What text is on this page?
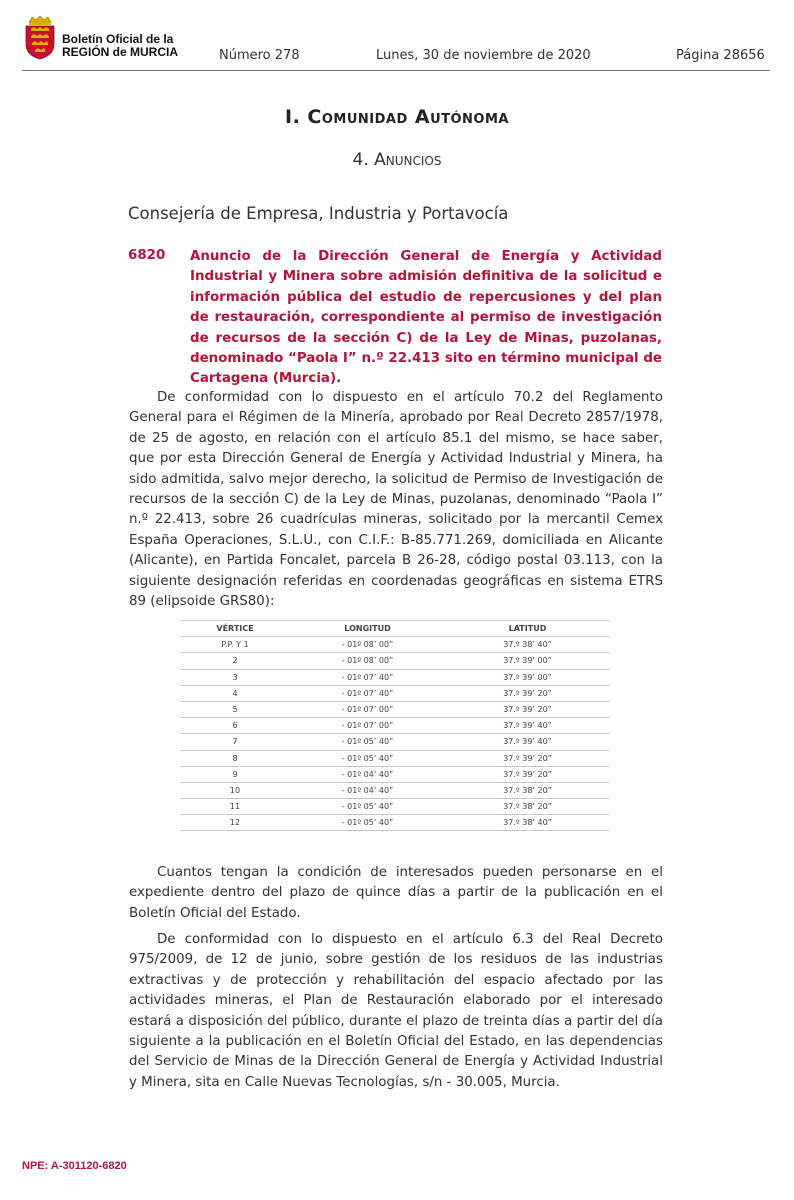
Boletín Oficial de la
REGIÓN de MURCIA	Número 278	Lunes, 30 de noviembre de 2020	Página 28656
I. Comunidad Autónoma
4. Anuncios
Consejería de Empresa, Industria y Portavocía
6820 Anuncio de la Dirección General de Energía y Actividad Industrial y Minera sobre admisión definitiva de la solicitud e información pública del estudio de repercusiones y del plan de restauración, correspondiente al permiso de investigación de recursos de la sección C) de la Ley de Minas, puzolanas, denominado “Paola I” n.º 22.413 sito en término municipal de Cartagena (Murcia).

De conformidad con lo dispuesto en el artículo 70.2 del Reglamento General para el Régimen de la Minería, aprobado por Real Decreto 2857/1978, de 25 de agosto, en relación con el artículo 85.1 del mismo, se hace saber, que por esta Dirección General de Energía y Actividad Industrial y Minera, ha sido admitida, salvo mejor derecho, la solicitud de Permiso de Investigación de recursos de la sección C) de la Ley de Minas, puzolanas, denominado “Paola I” n.º 22.413, sobre 26 cuadrículas mineras, solicitado por la mercantil Cemex España Operaciones, S.L.U., con C.I.F.: B-85.771.269, domiciliada en Alicante (Alicante), en Partida Foncalet, parcela B 26-28, código postal 03.113, con la siguiente designación referidas en coordenadas geográficas en sistema ETRS 89 (elipsoide GRS80):

VÉRTICE	LONGITUD	LATITUD
P.P. Y 1	- 01º 08’ 00”	37.º 38’ 40”
2	- 01º 08’ 00”	37.º 39’ 00”
3	- 01º 07’ 40”	37.º 39’ 00”
4	- 01º 07’ 40”	37.º 39’ 20”
5	- 01º 07’ 00”	37.º 39’ 20”
6	- 01º 07’ 00”	37.º 39’ 40”
7	- 01º 05’ 40”	37.º 39’ 40”
8	- 01º 05’ 40”	37.º 39’ 20”
9	- 01º 04’ 40”	37.º 39’ 20”
10	- 01º 04’ 40”	37.º 38’ 20”
11	- 01º 05’ 40”	37.º 38’ 20”
12	- 01º 05’ 40”	37.º 38’ 40”

Cuantos tengan la condición de interesados pueden personarse en el expediente dentro del plazo de quince días a partir de la publicación en el Boletín Oficial del Estado.

De conformidad con lo dispuesto en el artículo 6.3 del Real Decreto 975/2009, de 12 de junio, sobre gestión de los residuos de las industrias extractivas y de protección y rehabilitación del espacio afectado por las actividades mineras, el Plan de Restauración elaborado por el interesado estará a disposición del público, durante el plazo de treinta días a partir del día siguiente a la publicación en el Boletín Oficial del Estado, en las dependencias del Servicio de Minas de la Dirección General de Energía y Actividad Industrial y Minera, sita en Calle Nuevas Tecnologías, s/n - 30.005, Murcia.

NPE: A-301120-6820
